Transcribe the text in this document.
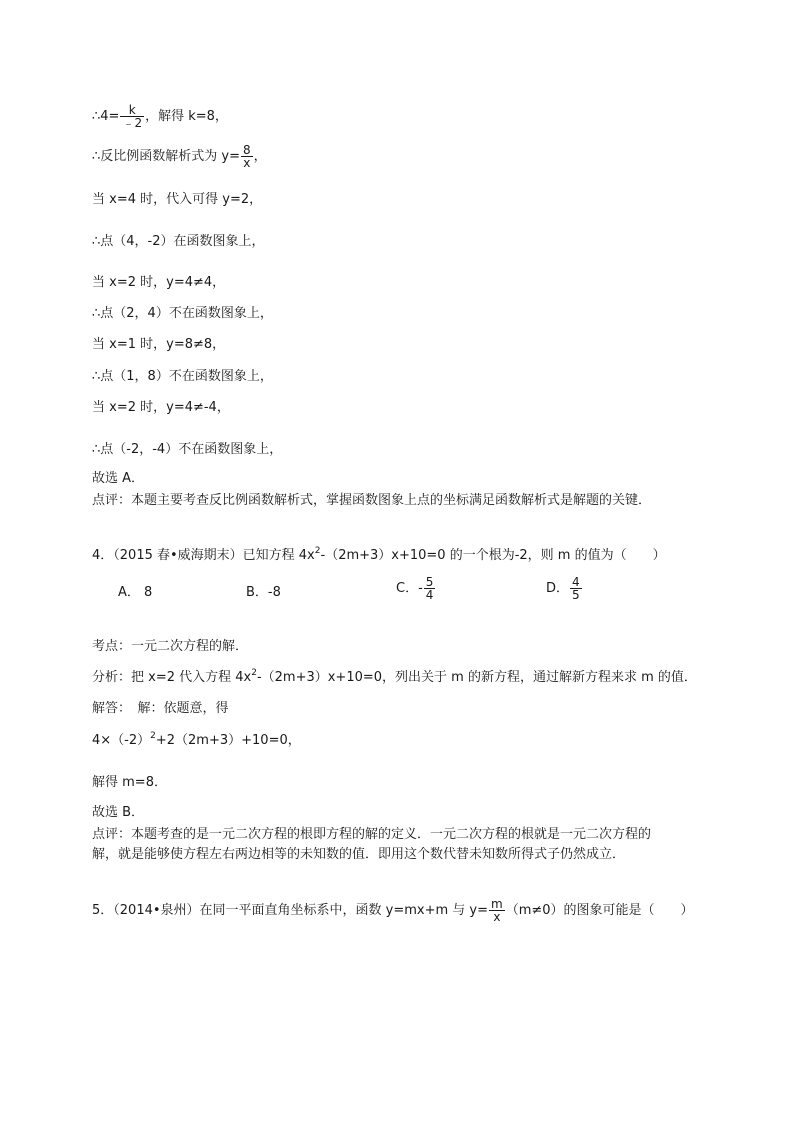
∴4= $\frac{k}{﹣2}$ ，解得 k=8，
∴反比例函数解析式为 $y= \frac{8}{x}$ ，
当 x=4 时，代入可得 y=2，
∴点（4，-2）在函数图象上，
当 x=2 时，y=4≠4，
∴点（2，4）不在函数图象上，
当 x=1 时，y=8≠8，
∴点（1，8）不在函数图象上，
当 x=2 时，y=4≠-4，
∴点（-2，-4）不在函数图象上，
故选 A．
点评：本题主要考查反比例函数解析式，掌握函数图象上点的坐标满足函数解析式是解题的关键．
4．（2015 春•威海期末）已知方程 $4x^2-(2m+3)x+10=0$ 的一个根为-2，则 m 的值为（　　）
A． 8	B．-8	C．- $\frac{5}{4}$	D． $\frac{4}{5}$
考点：一元二次方程的解．
分析：把 x=2 代入方程 $4x^2-(2m+3)x+10=0$，列出关于 m 的新方程，通过解新方程来求 m 的值．
解答：　解：依题意，得
$4\times(-2)^2+2(2m+3)+10=0$，
解得 m=8．
故选 B．
点评：本题考查的是一元二次方程的根即方程的解的定义．一元二次方程的根就是一元二次方程的
解，就是能够使方程左右两边相等的未知数的值．即用这个数代替未知数所得式子仍然成立．
5．（2014•泉州）在同一平面直角坐标系中，函数 y=mx+m 与 $y= \frac{m}{x} (m\ne 0)$的图象可能是（　　）
